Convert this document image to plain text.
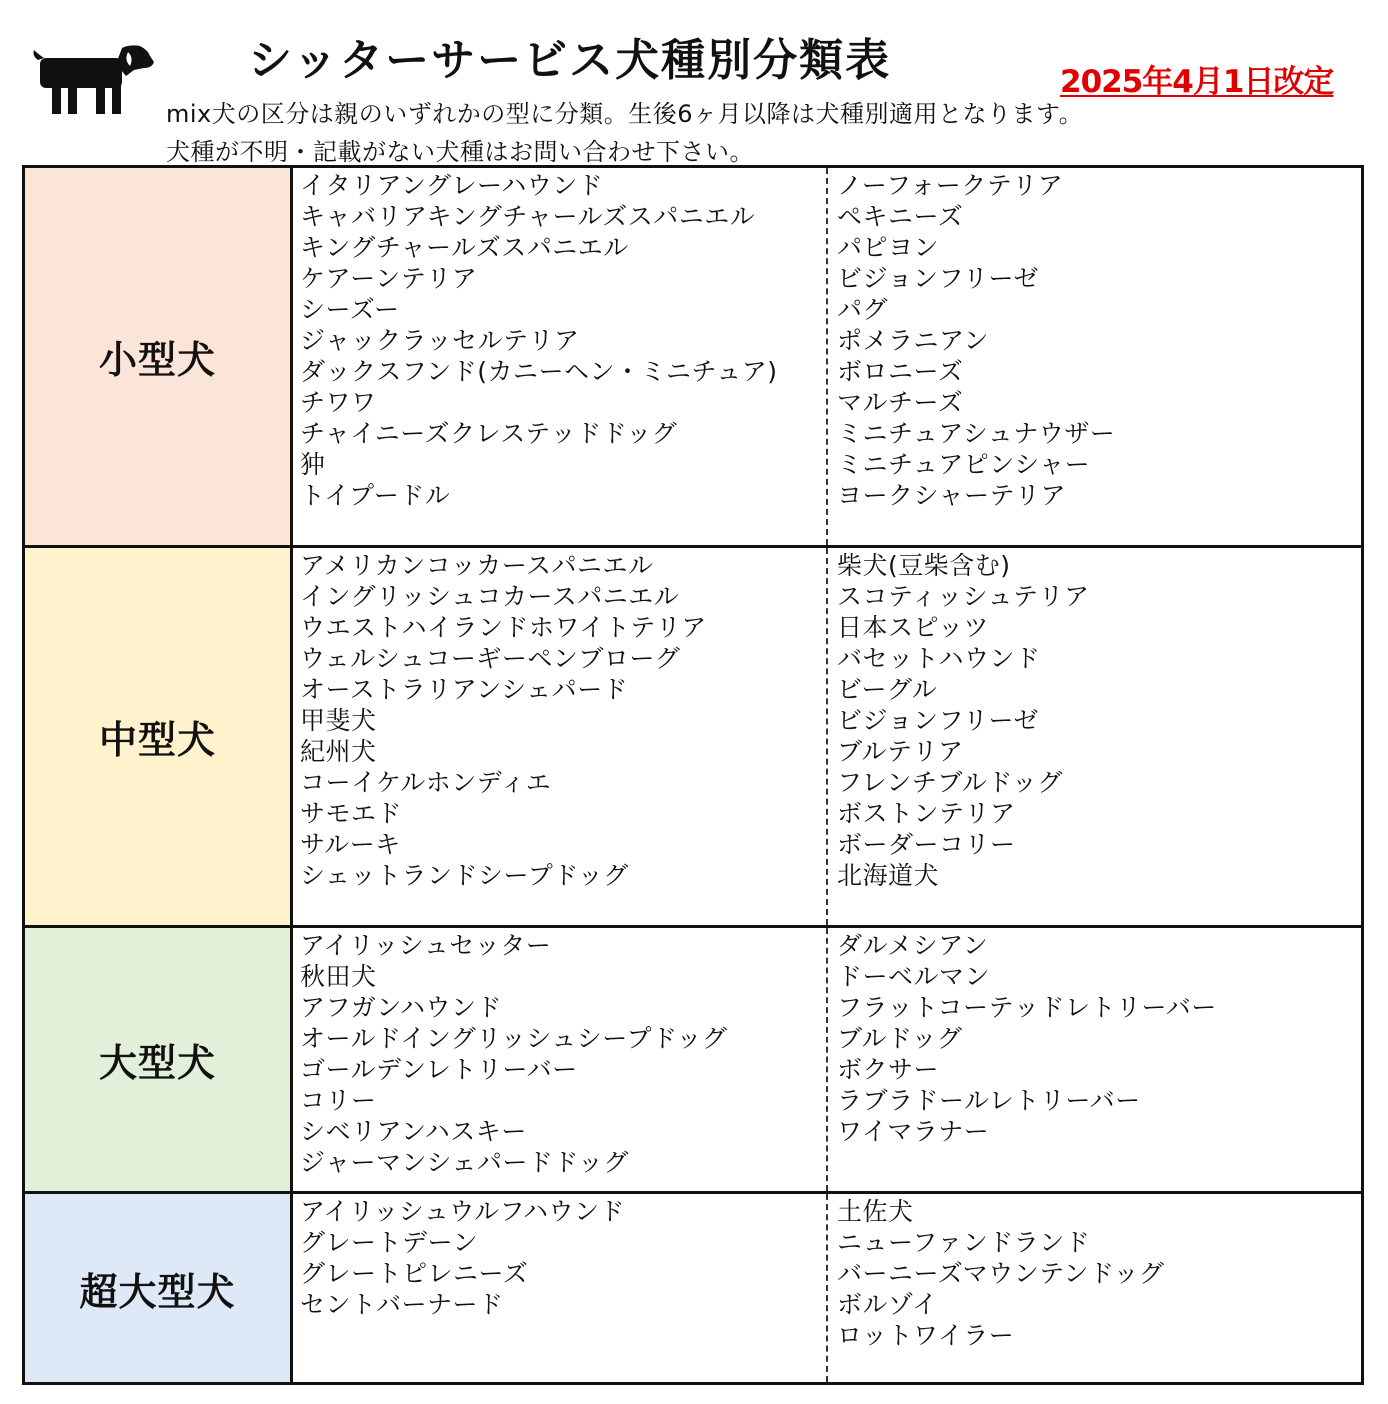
シッターサービス犬種別分類表	2025年4月1日改定
mix犬の区分は親のいずれかの型に分類。生後6ヶ月以降は犬種別適用となります。
犬種が不明・記載がない犬種はお問い合わせ下さい。
小型犬
イタリアングレーハウンド
キャバリアキングチャールズスパニエル
キングチャールズスパニエル
ケアーンテリア
シーズー
ジャックラッセルテリア
ダックスフンド(カニーヘン・ミニチュア)
チワワ
チャイニーズクレステッドドッグ
狆
トイプードル
ノーフォークテリア
ペキニーズ
パピヨン
ビジョンフリーゼ
パグ
ポメラニアン
ボロニーズ
マルチーズ
ミニチュアシュナウザー
ミニチュアピンシャー
ヨークシャーテリア
中型犬
アメリカンコッカースパニエル
イングリッシュコカースパニエル
ウエストハイランドホワイトテリア
ウェルシュコーギーペンブローグ
オーストラリアンシェパード
甲斐犬
紀州犬
コーイケルホンディエ
サモエド
サルーキ
シェットランドシープドッグ
柴犬(豆柴含む)
スコティッシュテリア
日本スピッツ
バセットハウンド
ビーグル
ビジョンフリーゼ
ブルテリア
フレンチブルドッグ
ボストンテリア
ボーダーコリー
北海道犬
大型犬
アイリッシュセッター
秋田犬
アフガンハウンド
オールドイングリッシュシープドッグ
ゴールデンレトリーバー
コリー
シベリアンハスキー
ジャーマンシェパードドッグ
ダルメシアン
ドーベルマン
フラットコーテッドレトリーバー
ブルドッグ
ボクサー
ラブラドールレトリーバー
ワイマラナー
超大型犬
アイリッシュウルフハウンド
グレートデーン
グレートピレニーズ
セントバーナード
土佐犬
ニューファンドランド
バーニーズマウンテンドッグ
ボルゾイ
ロットワイラー
